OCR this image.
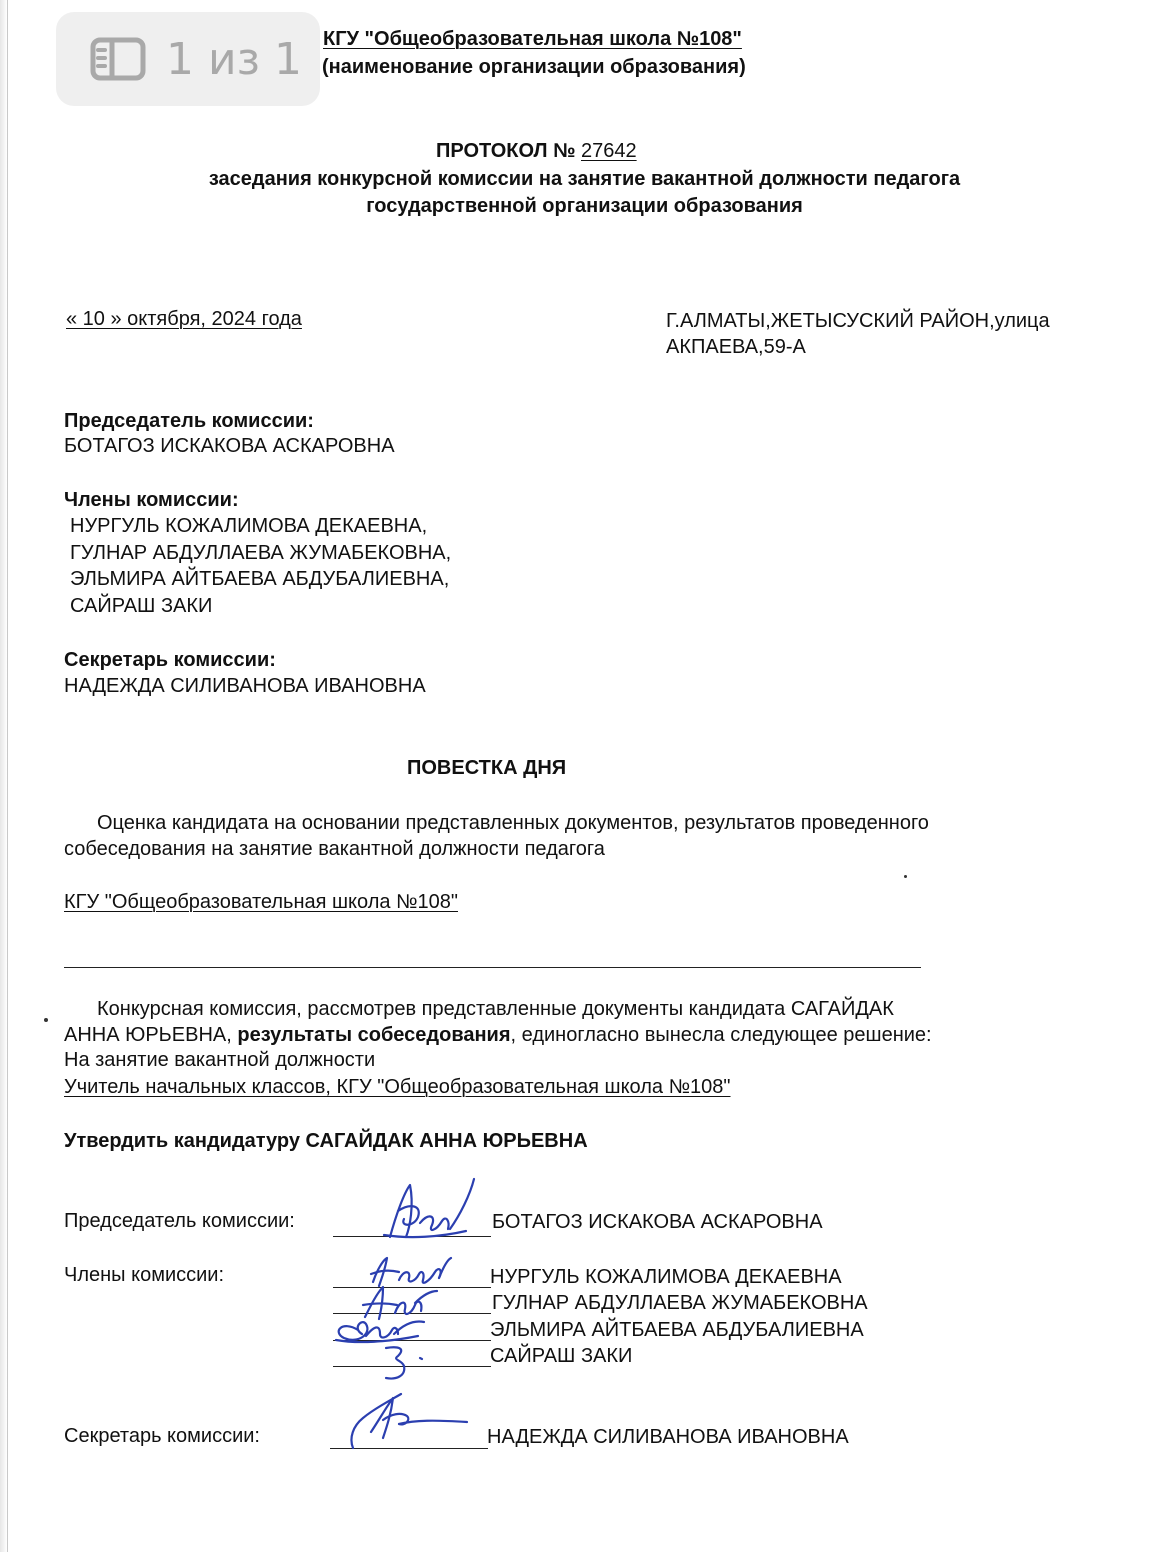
КГУ "Общеобразовательная школа №108"
(наименование организации образования)
1 из 1
ПРОТОКОЛ № 27642
заседания конкурсной комиссии на занятие вакантной должности педагога
государственной организации образования
« 10 » октября, 2024 года	Г.АЛМАТЫ,ЖЕТЫСУСКИЙ РАЙОН,улица
АКПАЕВА,59-А
Председатель комиссии:
БОТАГОЗ ИСКАКОВА АСКАРОВНА
Члены комиссии:
НУРГУЛЬ КОЖАЛИМОВА ДЕКАЕВНА,
ГУЛНАР АБДУЛЛАЕВА ЖУМАБЕКОВНА,
ЭЛЬМИРА АЙТБАЕВА АБДУБАЛИЕВНА,
САЙРАШ ЗАКИ
Секретарь комиссии:
НАДЕЖДА СИЛИВАНОВА ИВАНОВНА
ПОВЕСТКА ДНЯ
Оценка кандидата на основании представленных документов, результатов проведенного
собеседования на занятие вакантной должности педагога
КГУ "Общеобразовательная школа №108"
Конкурсная комиссия, рассмотрев представленные документы кандидата САГАЙДАК
АННА ЮРЬЕВНА, результаты собеседования, единогласно вынесла следующее решение:
На занятие вакантной должности
Учитель начальных классов, КГУ "Общеобразовательная школа №108"
Утвердить кандидатуру САГАЙДАК АННА ЮРЬЕВНА
Председатель комиссии:	БОТАГОЗ ИСКАКОВА АСКАРОВНА
Члены комиссии:	НУРГУЛЬ КОЖАЛИМОВА ДЕКАЕВНА
ГУЛНАР АБДУЛЛАЕВА ЖУМАБЕКОВНА
ЭЛЬМИРА АЙТБАЕВА АБДУБАЛИЕВНА
САЙРАШ ЗАКИ
Секретарь комиссии:	НАДЕЖДА СИЛИВАНОВА ИВАНОВНА
